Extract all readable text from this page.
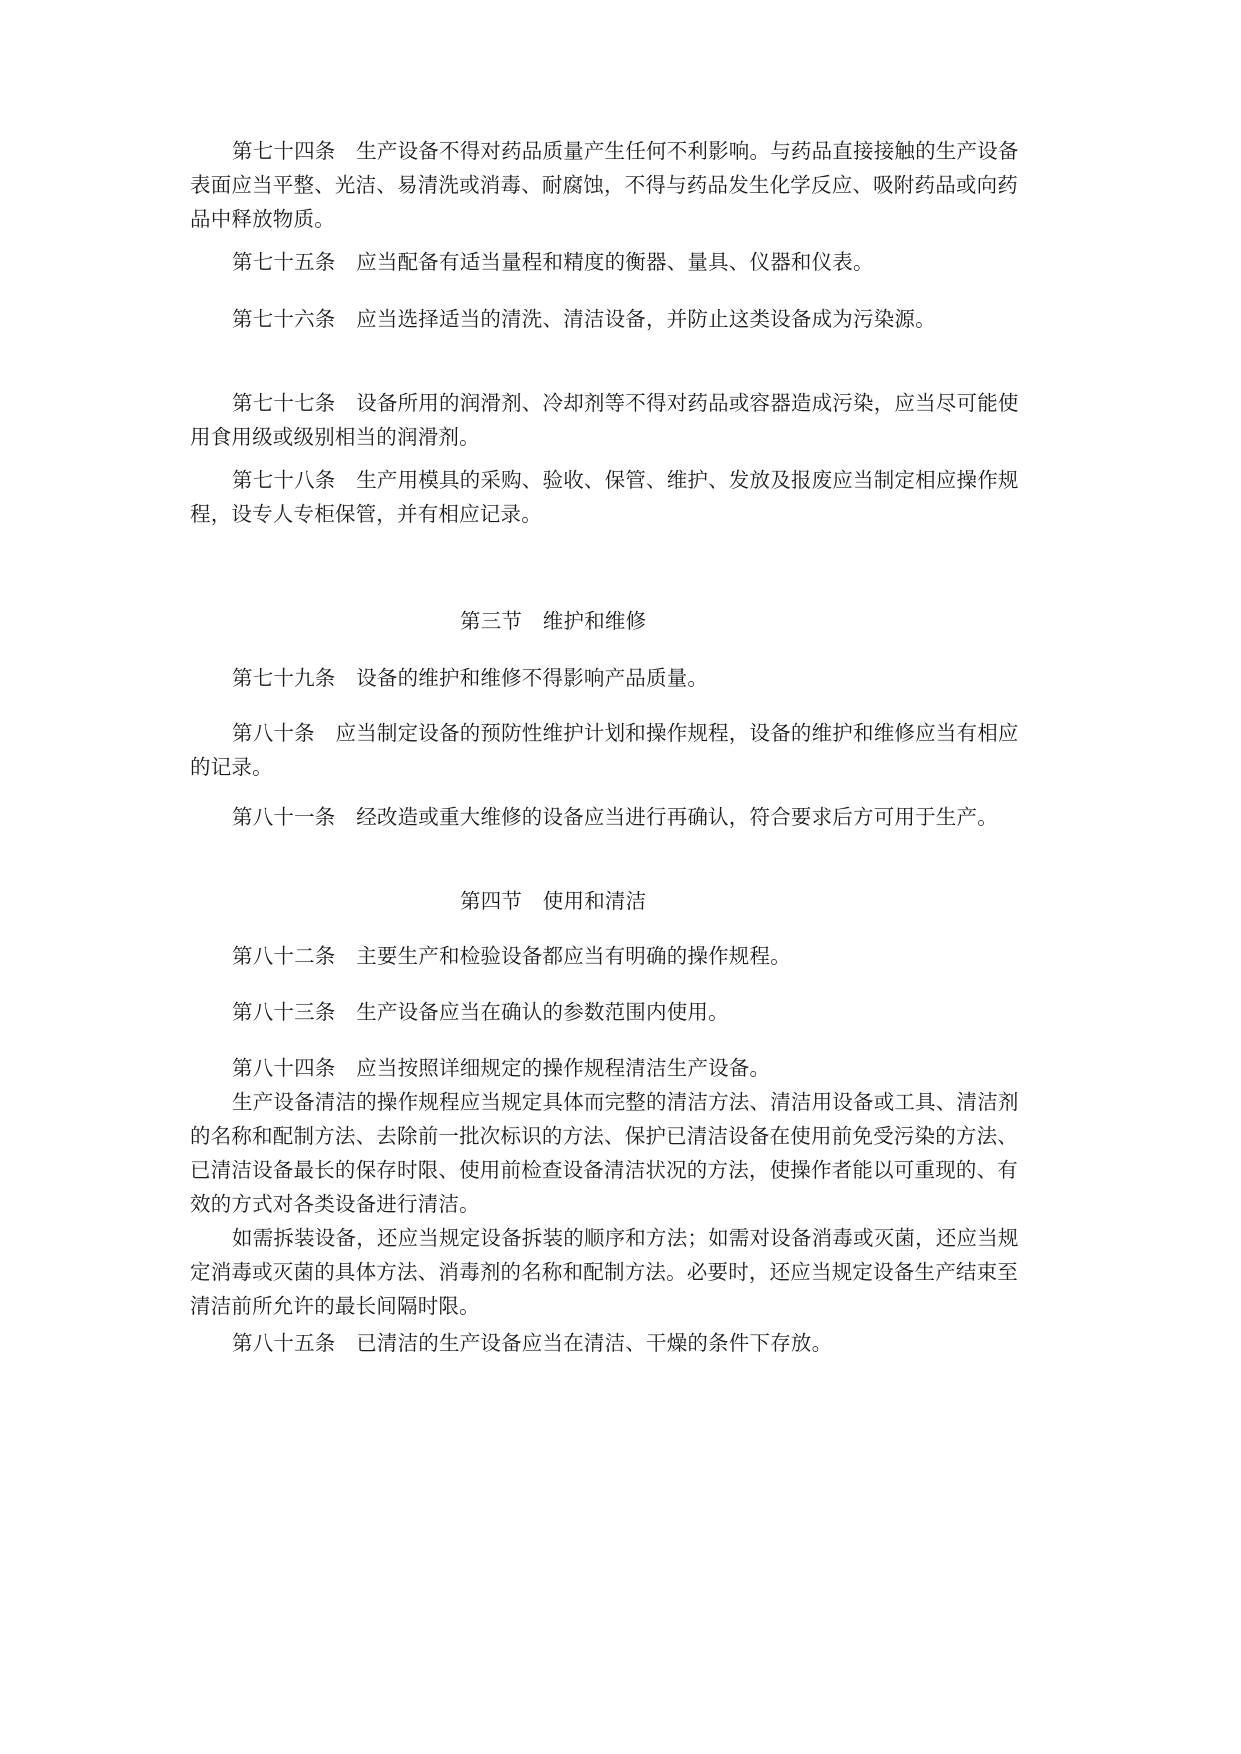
第七十四条　生产设备不得对药品质量产生任何不利影响。与药品直接接触的生产设备
表面应当平整、光洁、易清洗或消毒、耐腐蚀，不得与药品发生化学反应、吸附药品或向药
品中释放物质。
第七十五条　应当配备有适当量程和精度的衡器、量具、仪器和仪表。
第七十六条　应当选择适当的清洗、清洁设备，并防止这类设备成为污染源。
第七十七条　设备所用的润滑剂、冷却剂等不得对药品或容器造成污染，应当尽可能使
用食用级或级别相当的润滑剂。
第七十八条　生产用模具的采购、验收、保管、维护、发放及报废应当制定相应操作规
程，设专人专柜保管，并有相应记录。
第三节　维护和维修
第七十九条　设备的维护和维修不得影响产品质量。
第八十条　应当制定设备的预防性维护计划和操作规程，设备的维护和维修应当有相应
的记录。
第八十一条　经改造或重大维修的设备应当进行再确认，符合要求后方可用于生产。
第四节　使用和清洁
第八十二条　主要生产和检验设备都应当有明确的操作规程。
第八十三条　生产设备应当在确认的参数范围内使用。
第八十四条　应当按照详细规定的操作规程清洁生产设备。
生产设备清洁的操作规程应当规定具体而完整的清洁方法、清洁用设备或工具、清洁剂
的名称和配制方法、去除前一批次标识的方法、保护已清洁设备在使用前免受污染的方法、
已清洁设备最长的保存时限、使用前检查设备清洁状况的方法，使操作者能以可重现的、有
效的方式对各类设备进行清洁。
如需拆装设备，还应当规定设备拆装的顺序和方法；如需对设备消毒或灭菌，还应当规
定消毒或灭菌的具体方法、消毒剂的名称和配制方法。必要时，还应当规定设备生产结束至
清洁前所允许的最长间隔时限。
第八十五条　已清洁的生产设备应当在清洁、干燥的条件下存放。
